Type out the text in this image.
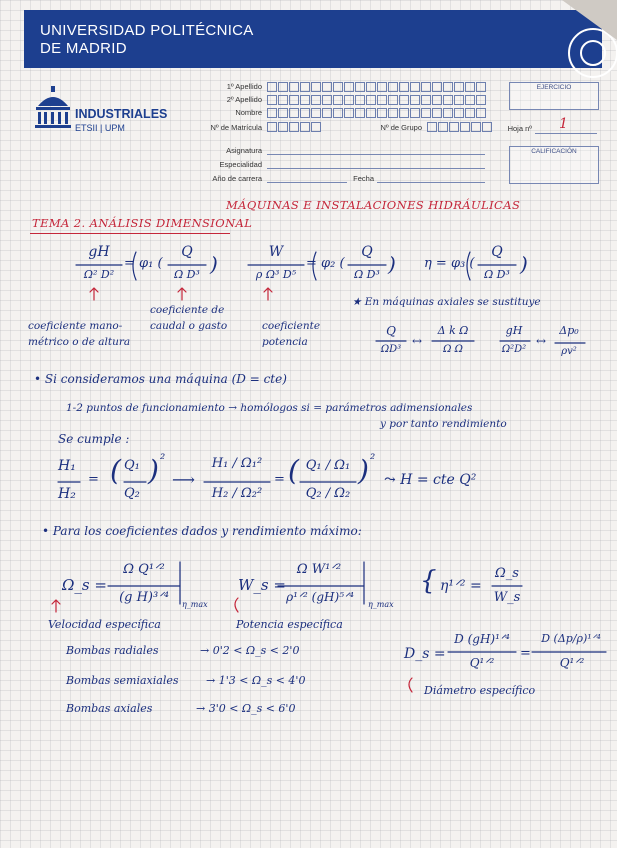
UNIVERSIDAD POLITÉCNICA
DE MADRID
INDUSTRIALES
ETSII | UPM
1º Apellido
2º Apellido
Nombre
Nº de Matrícula	Nº de Grupo
EJERCICIO
Hoja nº 1
Asignatura
Especialidad
Año de carrera	Fecha
CALIFICACIÓN
MÁQUINAS E INSTALACIONES HIDRÁULICAS
TEMA 2. ANÁLISIS DIMENSIONAL
gH
Ω² D²
= φ₁ (
Q
Ω D³ )	W
ρ Ω³ D⁵
= φ₂ (
Q
Ω D³ ) η = φ₃ (
Q
Ω D³ )
coeficiente mano-métrico o de altura
coeficiente de caudal o gasto	coeficiente potencia
★ En máquinas axiales se sustituye
Q
ΩD³
↔
Δ k Ω
Ω Ω
gH
Ω²D²
↔
Δp₀
ρv²
• Si consideramos una máquina (D = cte)
1-2 puntos de funcionamiento → homólogos si = parámetros adimensionales
y por tanto rendimiento
Se cumple :
H₁
H₂
= ( Q₁
Q₂
) ²
⟶
H₁ / Ω₁²
H₂ / Ω₂²
= ( Q₁ / Ω₁
Q₂ / Ω₂
) ²
⤳ H = cte Q²
• Para los coeficientes dados y rendimiento máximo:
Ω_s =
Ω Q¹ᐟ²
(g H)³ᐟ⁴	η_max
W_s =
Ω W¹ᐟ²
ρ¹ᐟ² (gH)⁵ᐟ⁴
η_max
{ η¹ᐟ² =
Ω_s
W_s
Velocidad específica	Potencia específica
Bombas radiales	→ 0'2 < Ω_s < 2'0
Bombas semiaxiales	→ 1'3 < Ω_s < 4'0
Bombas axiales	→ 3'0 < Ω_s < 6'0
D_s =
D (gH)¹ᐟ⁴
Q¹ᐟ²
=
D (Δp/ρ)¹ᐟ⁴
Q¹ᐟ²
Diámetro específico
